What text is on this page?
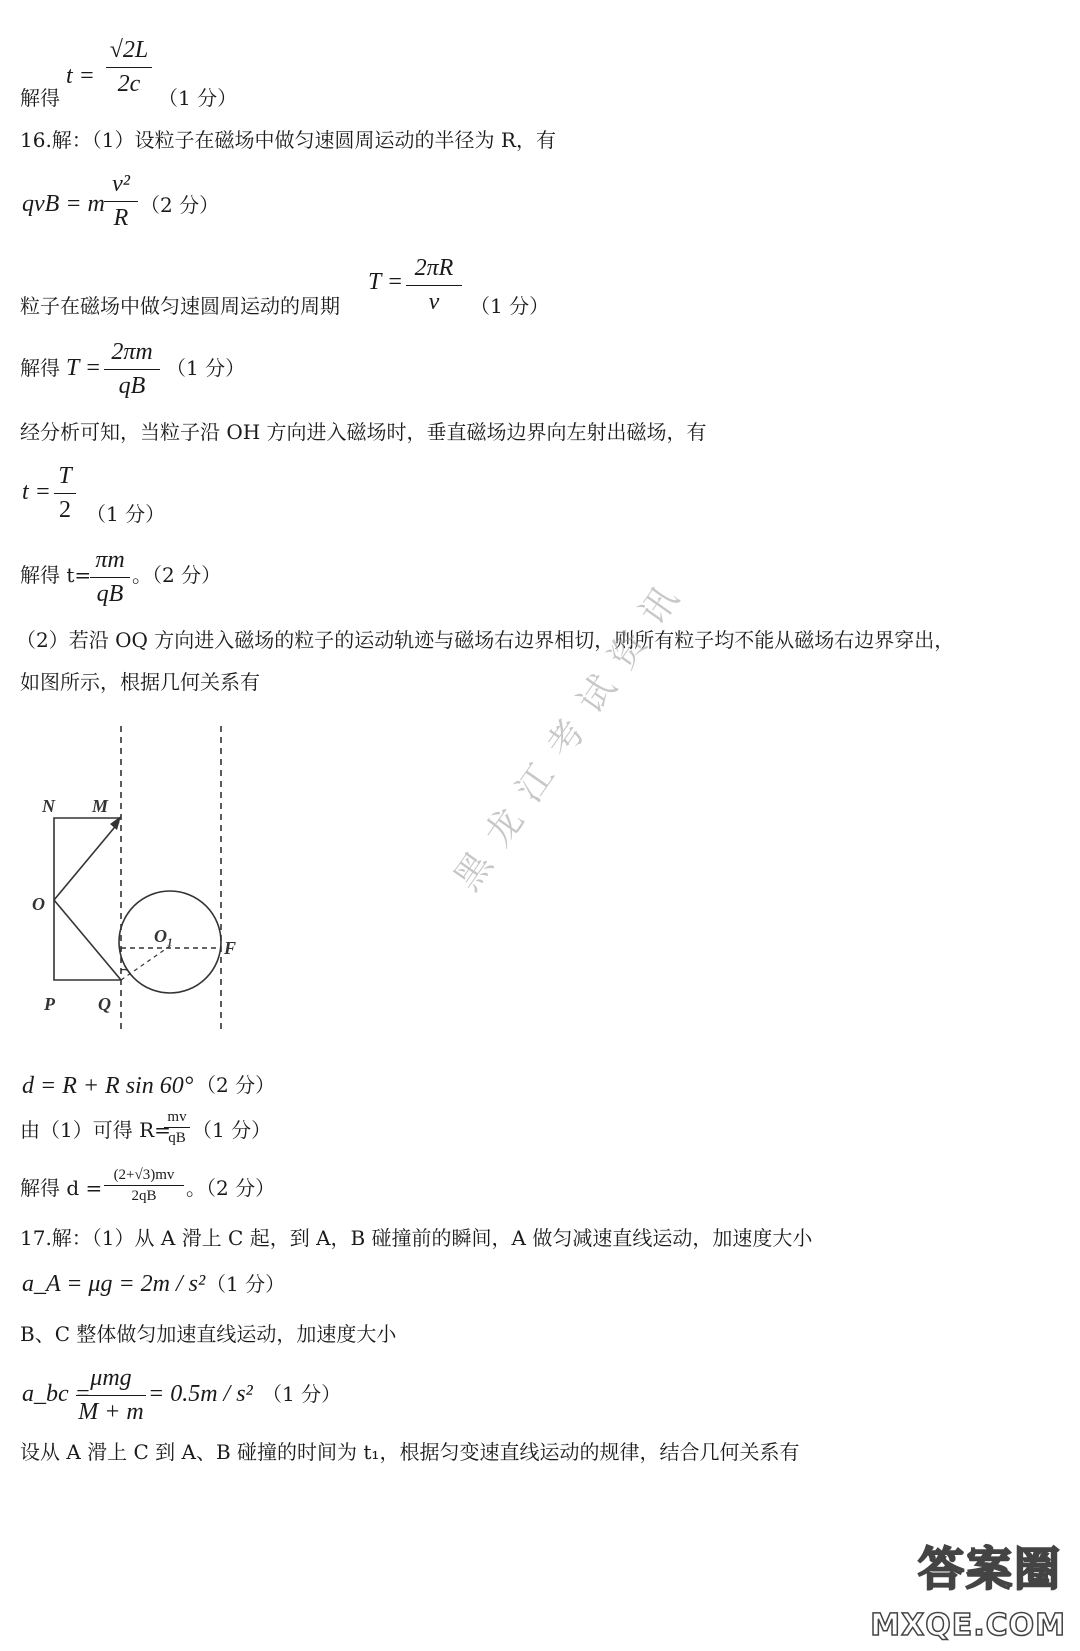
解得
t =
√2L
2c
（1 分）
16.解：（1）设粒子在磁场中做匀速圆周运动的半径为 R，有
qvB = m
v²
R （2 分）
粒子在磁场中做匀速圆周运动的周期
T =
2πR
v	（1 分）
解得 T =
2πm
qB
（1 分）
经分析可知，当粒子沿 OH 方向进入磁场时，垂直磁场边界向左射出磁场，有
t =
T
2 （1 分）
解得 t=
πm
qB
。（2 分）
（2）若沿 OQ 方向进入磁场的粒子的运动轨迹与磁场右边界相切，则所有粒子均不能从磁场右边界穿出，
如图所示，根据几何关系有
N M
O
O₁
F
P Q
黑龙江考试资讯
d = R + R sin 60° （2 分）
由（1）可得 R=
mv
qB （1 分）
解得 d =
(2+√3)mv
2qB	。（2 分）
17.解：（1）从 A 滑上 C 起，到 A，B 碰撞前的瞬间，A 做匀减速直线运动，加速度大小
a_A = μg = 2m / s² （1 分）
B、C 整体做匀加速直线运动，加速度大小
a_bc =
μmg
M + m
= 0.5m / s² （1 分）
设从 A 滑上 C 到 A、B 碰撞的时间为 t₁，根据匀变速直线运动的规律，结合几何关系有
答案圈
MXQE.COM
